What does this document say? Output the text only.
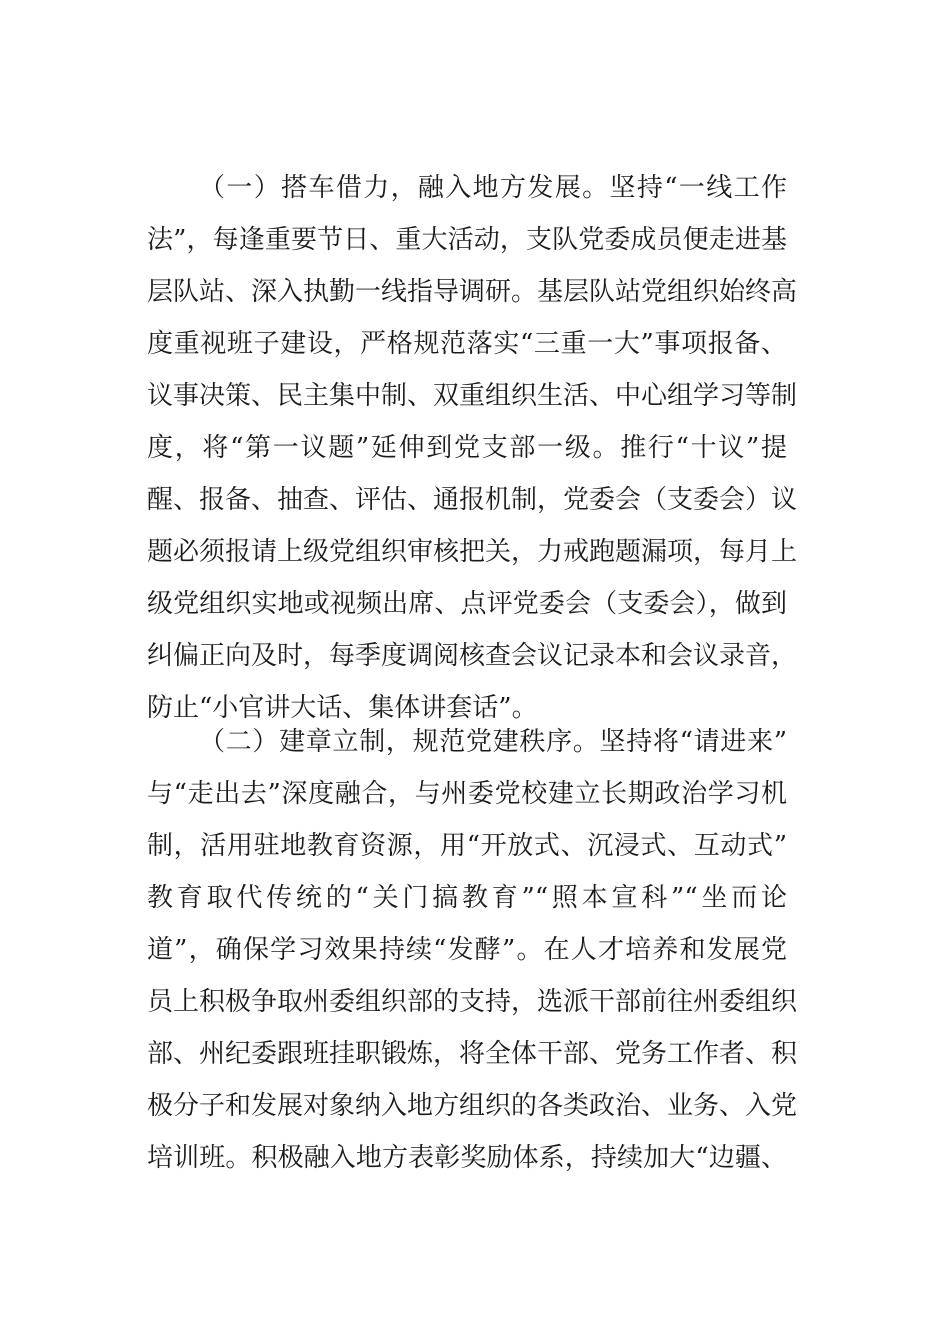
（一）搭车借力，融入地方发展。坚持“一线工作
法”，每逢重要节日、重大活动，支队党委成员便走进基
层队站、深入执勤一线指导调研。基层队站党组织始终高
度重视班子建设，严格规范落实“三重一大”事项报备、
议事决策、民主集中制、双重组织生活、中心组学习等制
度，将“第一议题”延伸到党支部一级。推行“十议”提
醒、报备、抽查、评估、通报机制，党委会（支委会）议
题必须报请上级党组织审核把关，力戒跑题漏项，每月上
级党组织实地或视频出席、点评党委会（支委会），做到
纠偏正向及时，每季度调阅核查会议记录本和会议录音，
防止“小官讲大话、集体讲套话”。
（二）建章立制，规范党建秩序。坚持将“请进来”
与“走出去”深度融合，与州委党校建立长期政治学习机
制，活用驻地教育资源，用“开放式、沉浸式、互动式”
教育取代传统的“关门搞教育”“照本宣科”“坐而论
道”，确保学习效果持续“发酵”。在人才培养和发展党
员上积极争取州委组织部的支持，选派干部前往州委组织
部、州纪委跟班挂职锻炼，将全体干部、党务工作者、积
极分子和发展对象纳入地方组织的各类政治、业务、入党
培训班。积极融入地方表彰奖励体系，持续加大“边疆、
